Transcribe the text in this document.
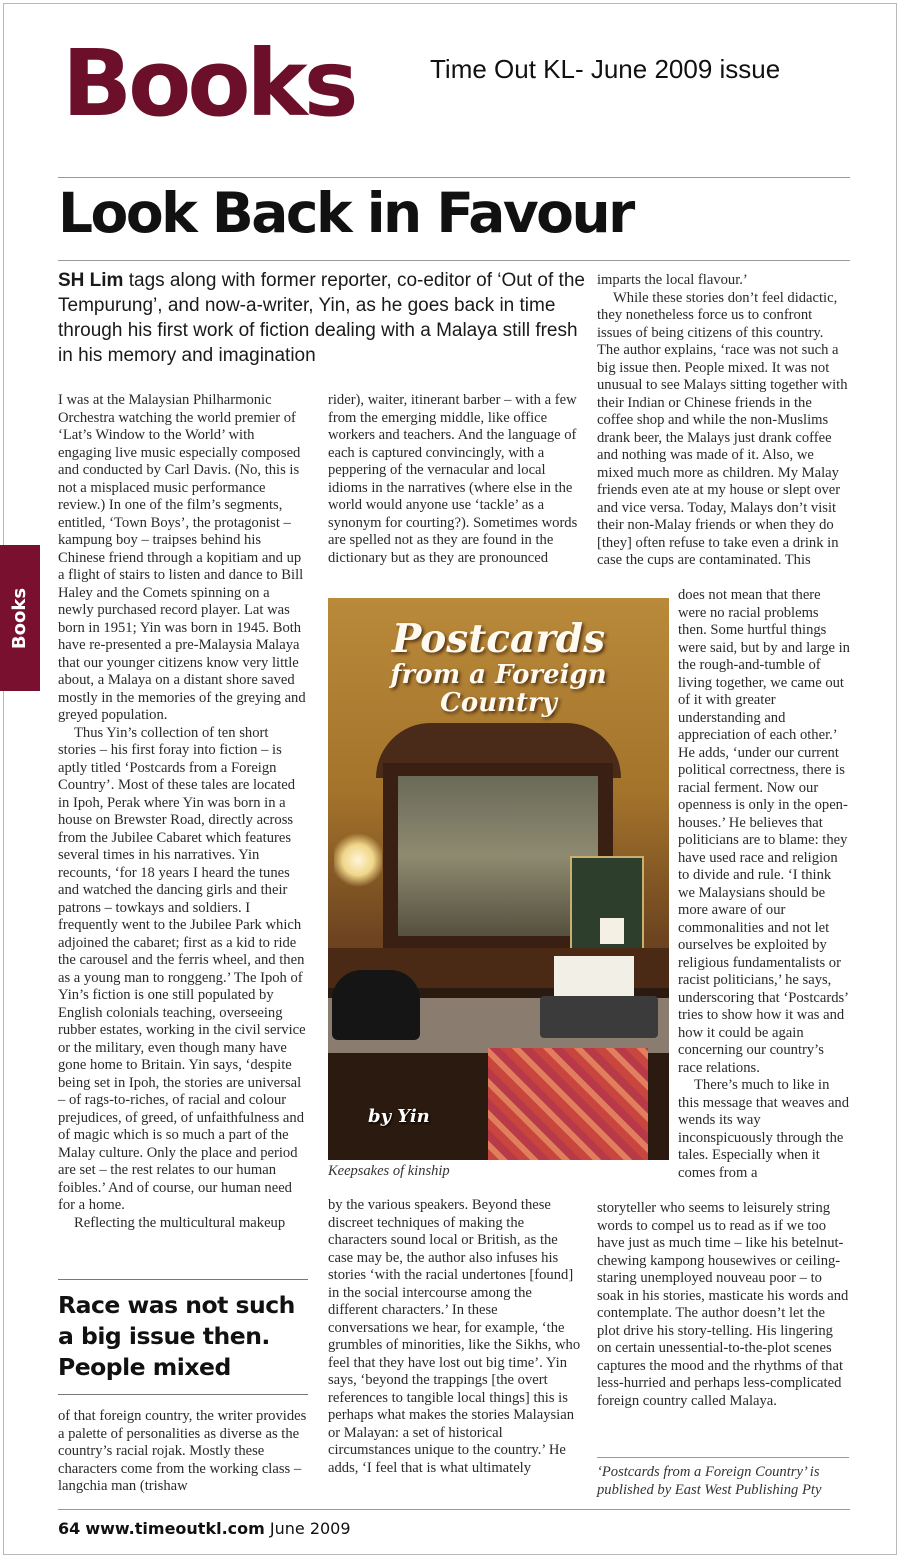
Books
Books	Time Out KL- June 2009 issue
Look Back in Favour
SH Lim tags along with former reporter, co-editor of ‘Out of the Tempurung’, and now-a-writer, Yin, as he goes back in time through his first work of fiction dealing with a Malaya still fresh in his memory and imagination

I was at the Malaysian Philharmonic Orchestra watching the world premier of ‘Lat’s Window to the World’ with engaging live music especially composed and conducted by Carl Davis. (No, this is not a misplaced music performance review.) In one of the film’s segments, entitled, ‘Town Boys’, the protagonist – kampung boy – traipses behind his Chinese friend through a kopitiam and up a flight of stairs to listen and dance to Bill Haley and the Comets spinning on a newly purchased record player. Lat was born in 1951; Yin was born in 1945. Both have re-presented a pre-Malaysia Malaya that our younger citizens know very little about, a Malaya on a distant shore saved mostly in the memories of the greying and greyed population.

Thus Yin’s collection of ten short stories – his first foray into fiction – is aptly titled ‘Postcards from a Foreign Country’. Most of these tales are located in Ipoh, Perak where Yin was born in a house on Brewster Road, directly across from the Jubilee Cabaret which features several times in his narratives. Yin recounts, ‘for 18 years I heard the tunes and watched the dancing girls and their patrons – towkays and soldiers. I frequently went to the Jubilee Park which adjoined the cabaret; first as a kid to ride the carousel and the ferris wheel, and then as a young man to ronggeng.’ The Ipoh of Yin’s fiction is one still populated by English colonials teaching, overseeing rubber estates, working in the civil service or the military, even though many have gone home to Britain. Yin says, ‘despite being set in Ipoh, the stories are universal – of rags-to-riches, of racial and colour prejudices, of greed, of unfaithfulness and of magic which is so much a part of the Malay culture. Only the place and period are set – the rest relates to our human foibles.’ And of course, our human need for a home.

Reflecting the multicultural makeup

Race was not such a big issue then. People mixed

of that foreign country, the writer provides a palette of personalities as diverse as the country’s racial rojak. Mostly these characters come from the working class – langchia man (trishaw

rider), waiter, itinerant barber – with a few from the emerging middle, like office workers and teachers. And the language of each is captured convincingly, with a peppering of the vernacular and local idioms in the narratives (where else in the world would anyone use ‘tackle’ as a synonym for courting?). Sometimes words are spelled not as they are found in the dictionary but as they are pronounced

Postcards
from a Foreign
Country
by Yin
Keepsakes of kinship

by the various speakers. Beyond these discreet techniques of making the characters sound local or British, as the case may be, the author also infuses his stories ‘with the racial undertones [found] in the social intercourse among the different characters.’ In these conversations we hear, for example, ‘the grumbles of minorities, like the Sikhs, who feel that they have lost out big time’. Yin says, ‘beyond the trappings [the overt references to tangible local things] this is perhaps what makes the stories Malaysian or Malayan: a set of historical circumstances unique to the country.’ He adds, ‘I feel that is what ultimately

imparts the local flavour.’

While these stories don’t feel didactic, they nonetheless force us to confront issues of being citizens of this country. The author explains, ‘race was not such a big issue then. People mixed. It was not unusual to see Malays sitting together with their Indian or Chinese friends in the coffee shop and while the non-Muslims drank beer, the Malays just drank coffee and nothing was made of it. Also, we mixed much more as children. My Malay friends even ate at my house or slept over and vice versa. Today, Malays don’t visit their non-Malay friends or when they do [they] often refuse to take even a drink in case the cups are contaminated. This

does not mean that there were no racial problems then. Some hurtful things were said, but by and large in the rough-and-tumble of living together, we came out of it with greater understanding and appreciation of each other.’ He adds, ‘under our current political correctness, there is racial ferment. Now our openness is only in the open-houses.’ He believes that politicians are to blame: they have used race and religion to divide and rule. ‘I think we Malaysians should be more aware of our commonalities and not let ourselves be exploited by religious fundamentalists or racist politicians,’ he says, underscoring that ‘Postcards’ tries to show how it was and how it could be again concerning our country’s race relations.

There’s much to like in this message that weaves and wends its way inconspicuously through the tales. Especially when it comes from a

storyteller who seems to leisurely string words to compel us to read as if we too have just as much time – like his betelnut-chewing kampong housewives or ceiling-staring unemployed nouveau poor – to soak in his stories, masticate his words and contemplate. The author doesn’t let the plot drive his story-telling. His lingering on certain unessential-to-the-plot scenes captures the mood and the rhythms of that less-hurried and perhaps less-complicated foreign country called Malaya.

‘Postcards from a Foreign Country’ is published by East West Publishing Pty
64 www.timeoutkl.com June 2009
